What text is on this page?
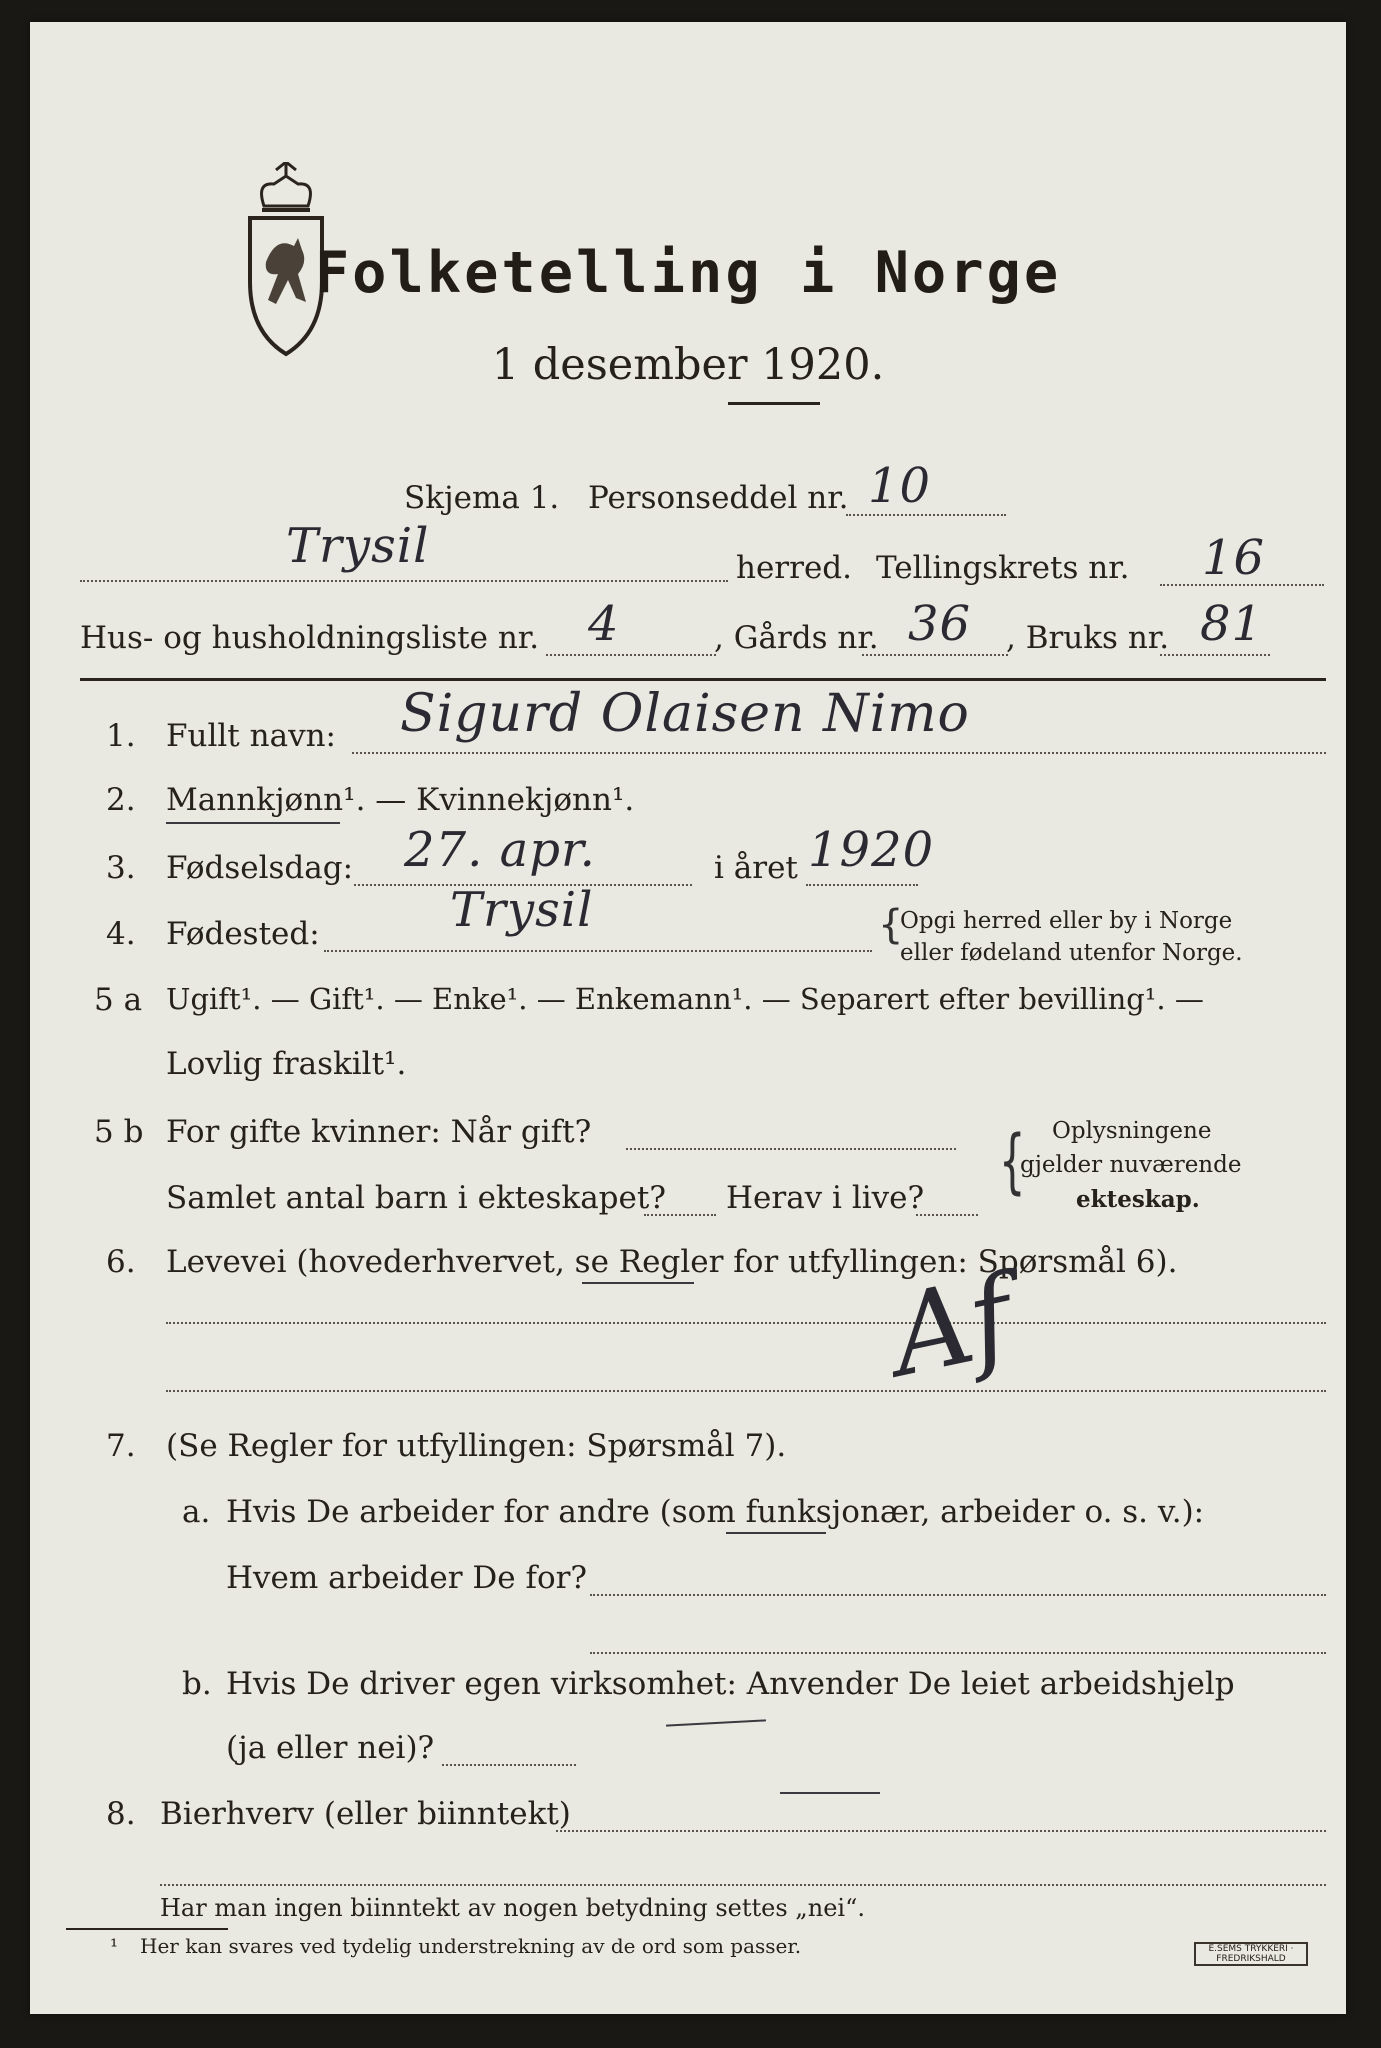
Folketelling i Norge
1 desember 1920.
Skjema 1. Personseddel nr. 10
Trysil	herred. Tellingskrets nr. 16
Hus- og husholdningsliste nr. 4	, Gårds nr. 36 , Bruks nr. 81
1. Fullt navn: Sigurd Olaisen Nimo
2. Mannkjønn¹. — Kvinnekjønn¹.
3. Fødselsdag: 27. apr.	i året 1920
4. Fødested:	Trysil	{
Opgi herred eller by i Norge
eller fødeland utenfor Norge.
5 a Ugift¹. — Gift¹. — Enke¹. — Enkemann¹. — Separert efter bevilling¹. —
Lovlig fraskilt¹.
5 b For gifte kvinner: Når gift?
Samlet antal barn i ekteskapet? Herav i live? { Oplysningene
gjelder nuværende
ekteskap.
6. Levevei (hovederhvervet, se Regler for utfyllingen: Spørsmål 6).
Af
7. (Se Regler for utfyllingen: Spørsmål 7).
a. Hvis De arbeider for andre (som funksjonær, arbeider o. s. v.):
Hvem arbeider De for?
b. Hvis De driver egen virksomhet: Anvender De leiet arbeidshjelp
(ja eller nei)?
8. Bierhverv (eller biinntekt)
Har man ingen biinntekt av nogen betydning settes „nei“.
¹ Her kan svares ved tydelig understrekning av de ord som passer.	E.SEMS TRYKKERI · FREDRIKSHALD
